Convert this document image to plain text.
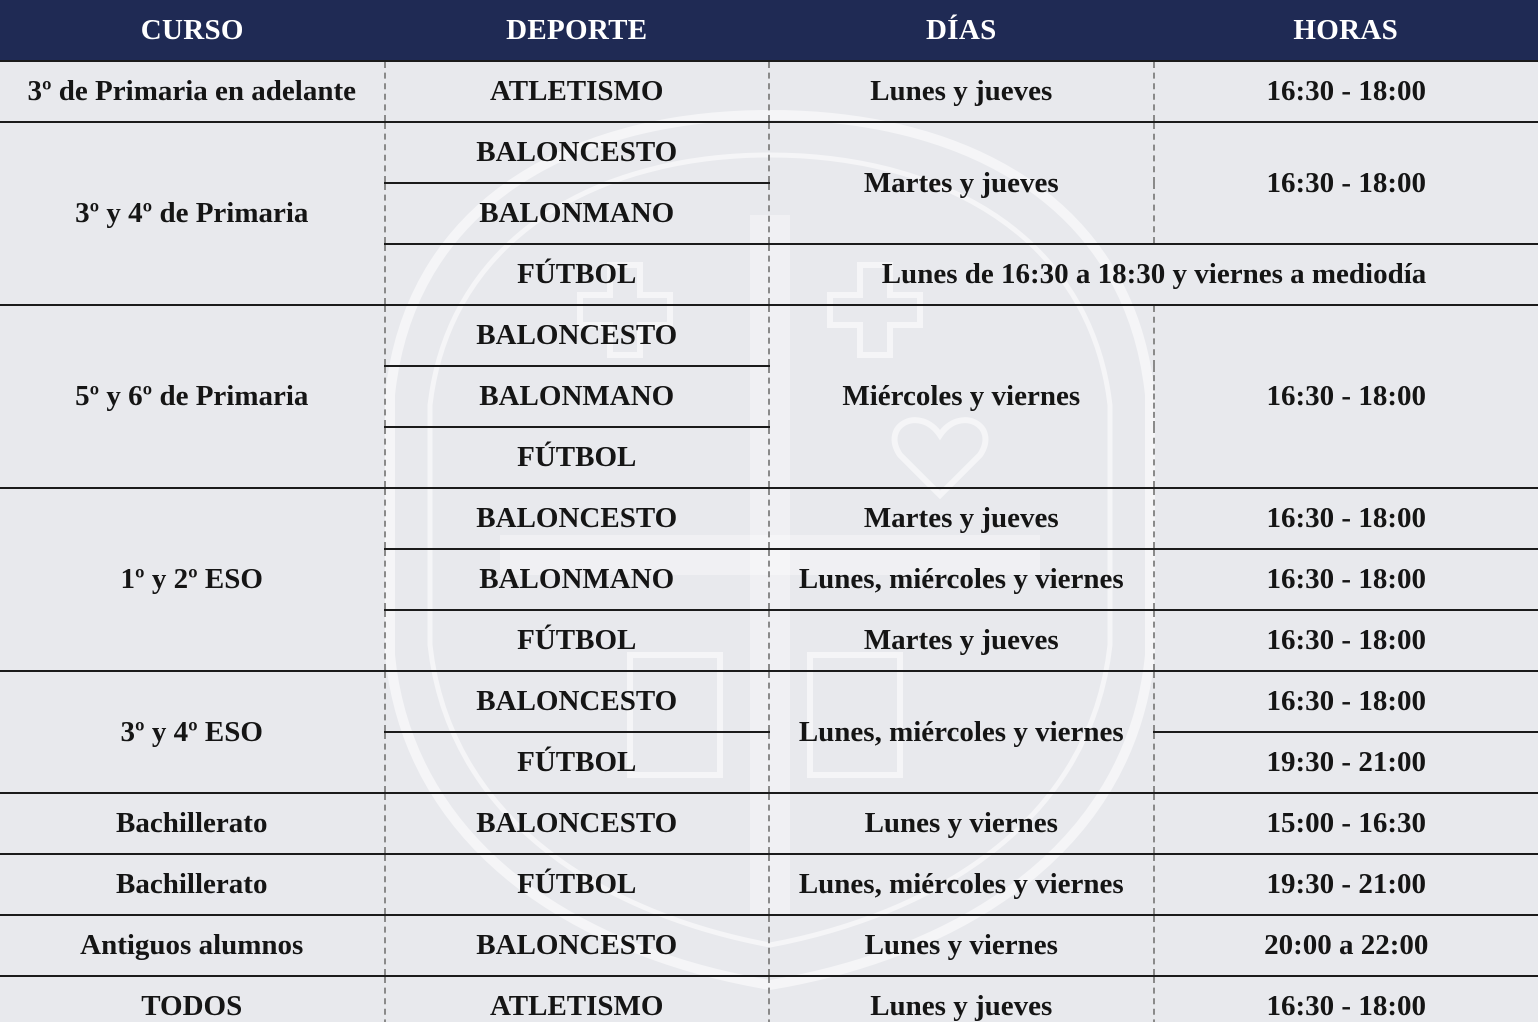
CURSO	DEPORTE	DÍAS	HORAS
3º de Primaria en adelante	ATLETISMO	Lunes y jueves	16:30 - 18:00
3º y 4º de Primaria	BALONCESTO	Martes y jueves	16:30 - 18:00
	BALONMANO		
	FÚTBOL	Lunes de 16:30 a 18:30 y viernes a mediodía	
5º y 6º de Primaria	BALONCESTO	Miércoles y viernes	16:30 - 18:00
	BALONMANO		
	FÚTBOL		
1º y 2º ESO	BALONCESTO	Martes y jueves	16:30 - 18:00
	BALONMANO	Lunes, miércoles y viernes	16:30 - 18:00
	FÚTBOL	Martes y jueves	16:30 - 18:00
3º y 4º ESO	BALONCESTO	Lunes, miércoles y viernes	16:30 - 18:00
	FÚTBOL		19:30 - 21:00
Bachillerato	BALONCESTO	Lunes y viernes	15:00 - 16:30
Bachillerato	FÚTBOL	Lunes, miércoles y viernes	19:30 - 21:00
Antiguos alumnos	BALONCESTO	Lunes y viernes	20:00 a 22:00
TODOS	ATLETISMO	Lunes y jueves	16:30 - 18:00
